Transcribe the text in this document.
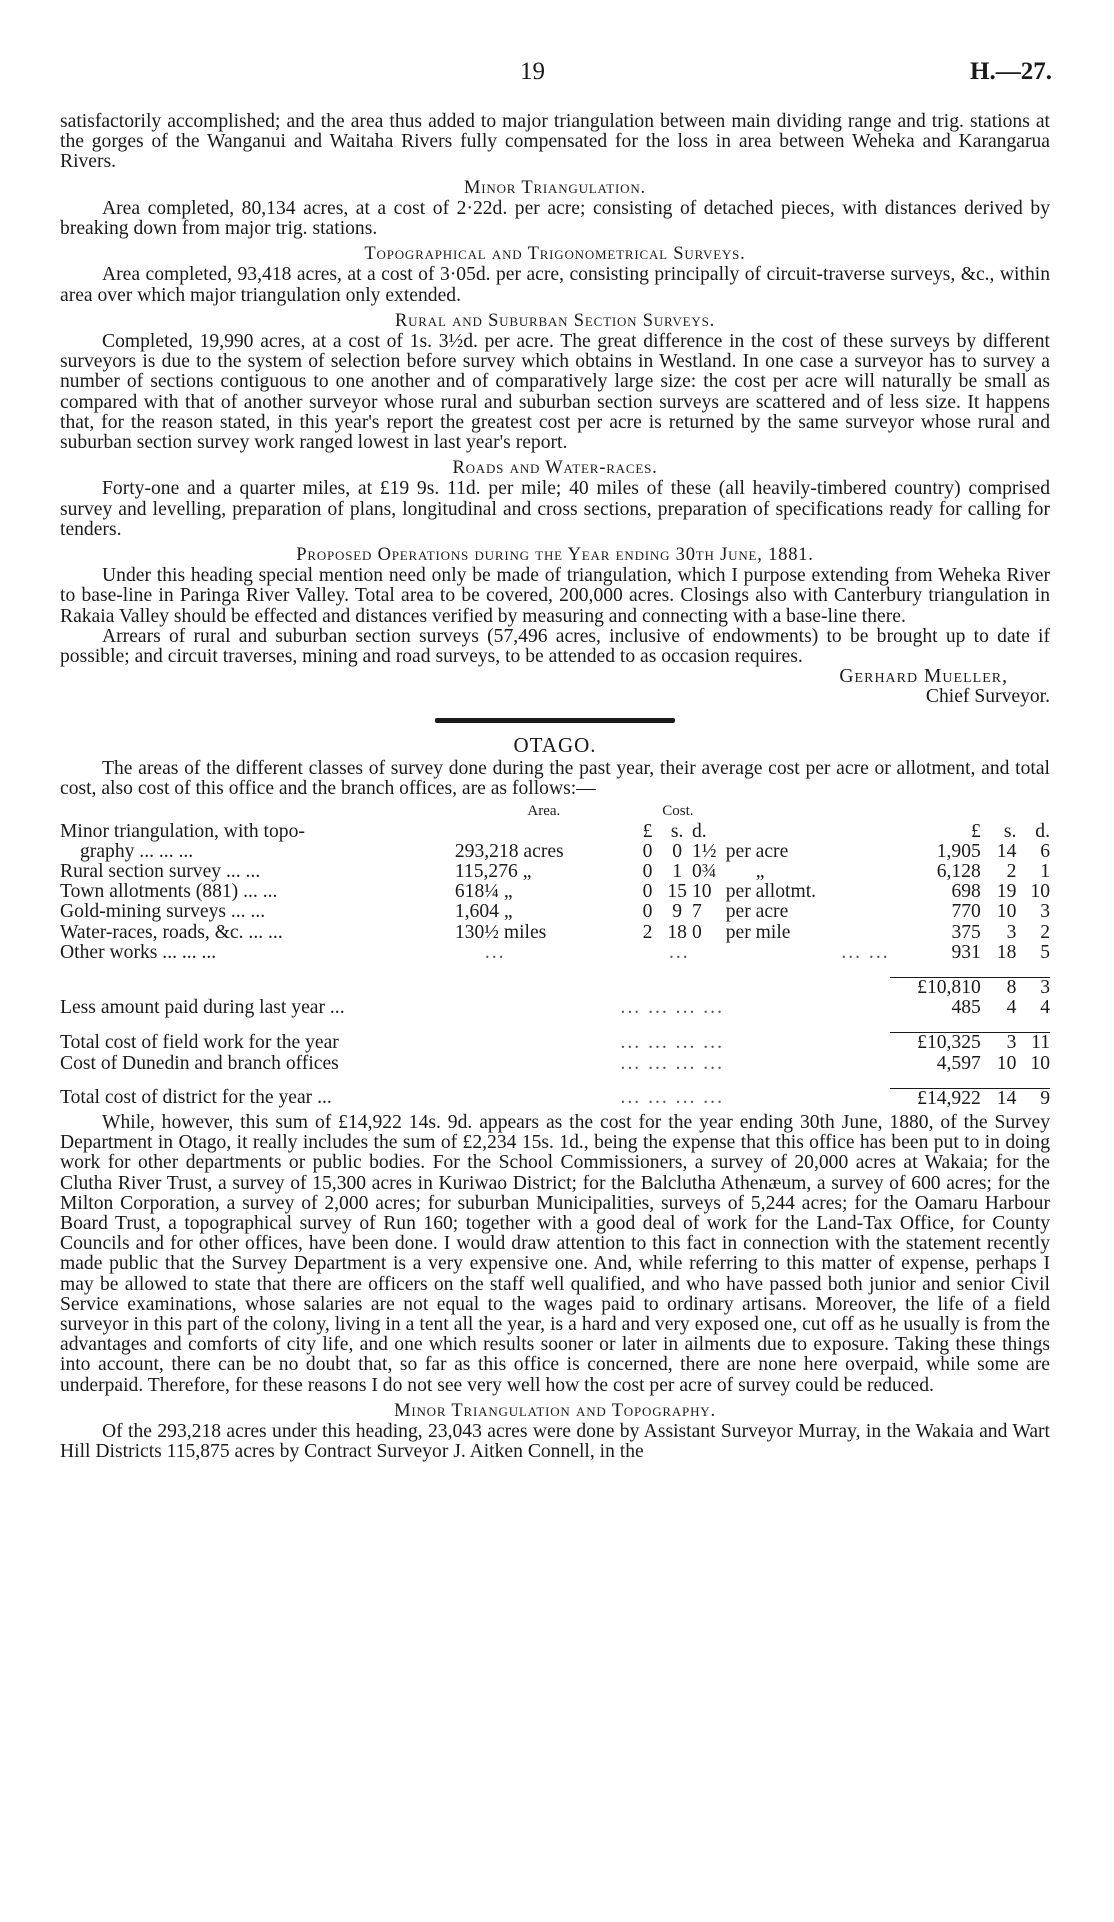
19	H.—27.

satisfactorily accomplished; and the area thus added to major triangulation between main dividing range and trig. stations at the gorges of the Wanganui and Waitaha Rivers fully compensated for the loss in area between Weheka and Karangarua Rivers.

Minor Triangulation.

Area completed, 80,134 acres, at a cost of 2·22d. per acre; consisting of detached pieces, with distances derived by breaking down from major trig. stations.

Topographical and Trigonometrical Surveys.

Area completed, 93,418 acres, at a cost of 3·05d. per acre, consisting principally of circuit-traverse surveys, &c., within area over which major triangulation only extended.

Rural and Suburban Section Surveys.

Completed, 19,990 acres, at a cost of 1s. 3½d. per acre. The great difference in the cost of these surveys by different surveyors is due to the system of selection before survey which obtains in Westland. In one case a surveyor has to survey a number of sections contiguous to one another and of comparatively large size: the cost per acre will naturally be small as compared with that of another surveyor whose rural and suburban section surveys are scattered and of less size. It happens that, for the reason stated, in this year's report the greatest cost per acre is returned by the same surveyor whose rural and suburban section survey work ranged lowest in last year's report.

Roads and Water-races.

Forty-one and a quarter miles, at £19 9s. 11d. per mile; 40 miles of these (all heavily-timbered country) comprised survey and levelling, preparation of plans, longitudinal and cross sections, preparation of specifications ready for calling for tenders.

Proposed Operations during the Year ending 30th June, 1881.

Under this heading special mention need only be made of triangulation, which I purpose extending from Weheka River to base-line in Paringa River Valley. Total area to be covered, 200,000 acres. Closings also with Canterbury triangulation in Rakaia Valley should be effected and distances verified by measuring and connecting with a base-line there.

Arrears of rural and suburban section surveys (57,496 acres, inclusive of endowments) to be brought up to date if possible; and circuit traverses, mining and road surveys, to be attended to as occasion requires.

Gerhard Mueller,
Chief Surveyor.
OTAGO.

The areas of the different classes of survey done during the past year, their average cost per acre or allotment, and total cost, also cost of this office and the branch offices, are as follows:—

	Area.		Cost.					
Minor triangulation, with topo-		£	s.	d.		£	s.	d.
graphy ... ... ...	293,218 acres	0	0	1½	per acre	1,905	14	6
Rural section survey ... ...	115,276 „	0	1	0¾	„	6,128	2	1
Town allotments (881) ... ...	618¼ „	0	15	10	per allotmt.	698	19	10
Gold-mining surveys ... ...	1,604 „	0	9	7	per acre	770	10	3
Water-races, roads, &c. ... ...	130½ miles	2	18	0	per mile	375	3	2
Other works ... ... ...	...	...			... ...	931	18	5

						£10,810	8	3
Less amount paid during last year ...	... ... ... ...					485	4	4

Total cost of field work for the year	... ... ... ...					£10,325	3	11
Cost of Dunedin and branch offices	... ... ... ...					4,597	10	10

Total cost of district for the year ...	... ... ... ...					£14,922	14	9

While, however, this sum of £14,922 14s. 9d. appears as the cost for the year ending 30th June, 1880, of the Survey Department in Otago, it really includes the sum of £2,234 15s. 1d., being the expense that this office has been put to in doing work for other departments or public bodies. For the School Commissioners, a survey of 20,000 acres at Wakaia; for the Clutha River Trust, a survey of 15,300 acres in Kuriwao District; for the Balclutha Athenæum, a survey of 600 acres; for the Milton Corporation, a survey of 2,000 acres; for suburban Municipalities, surveys of 5,244 acres; for the Oamaru Harbour Board Trust, a topographical survey of Run 160; together with a good deal of work for the Land-Tax Office, for County Councils and for other offices, have been done. I would draw attention to this fact in connection with the statement recently made public that the Survey Department is a very expensive one. And, while referring to this matter of expense, perhaps I may be allowed to state that there are officers on the staff well qualified, and who have passed both junior and senior Civil Service examinations, whose salaries are not equal to the wages paid to ordinary artisans. Moreover, the life of a field surveyor in this part of the colony, living in a tent all the year, is a hard and very exposed one, cut off as he usually is from the advantages and comforts of city life, and one which results sooner or later in ailments due to exposure. Taking these things into account, there can be no doubt that, so far as this office is concerned, there are none here overpaid, while some are underpaid. Therefore, for these reasons I do not see very well how the cost per acre of survey could be reduced.

Minor Triangulation and Topography.

Of the 293,218 acres under this heading, 23,043 acres were done by Assistant Surveyor Murray, in the Wakaia and Wart Hill Districts 115,875 acres by Contract Surveyor J. Aitken Connell, in the
